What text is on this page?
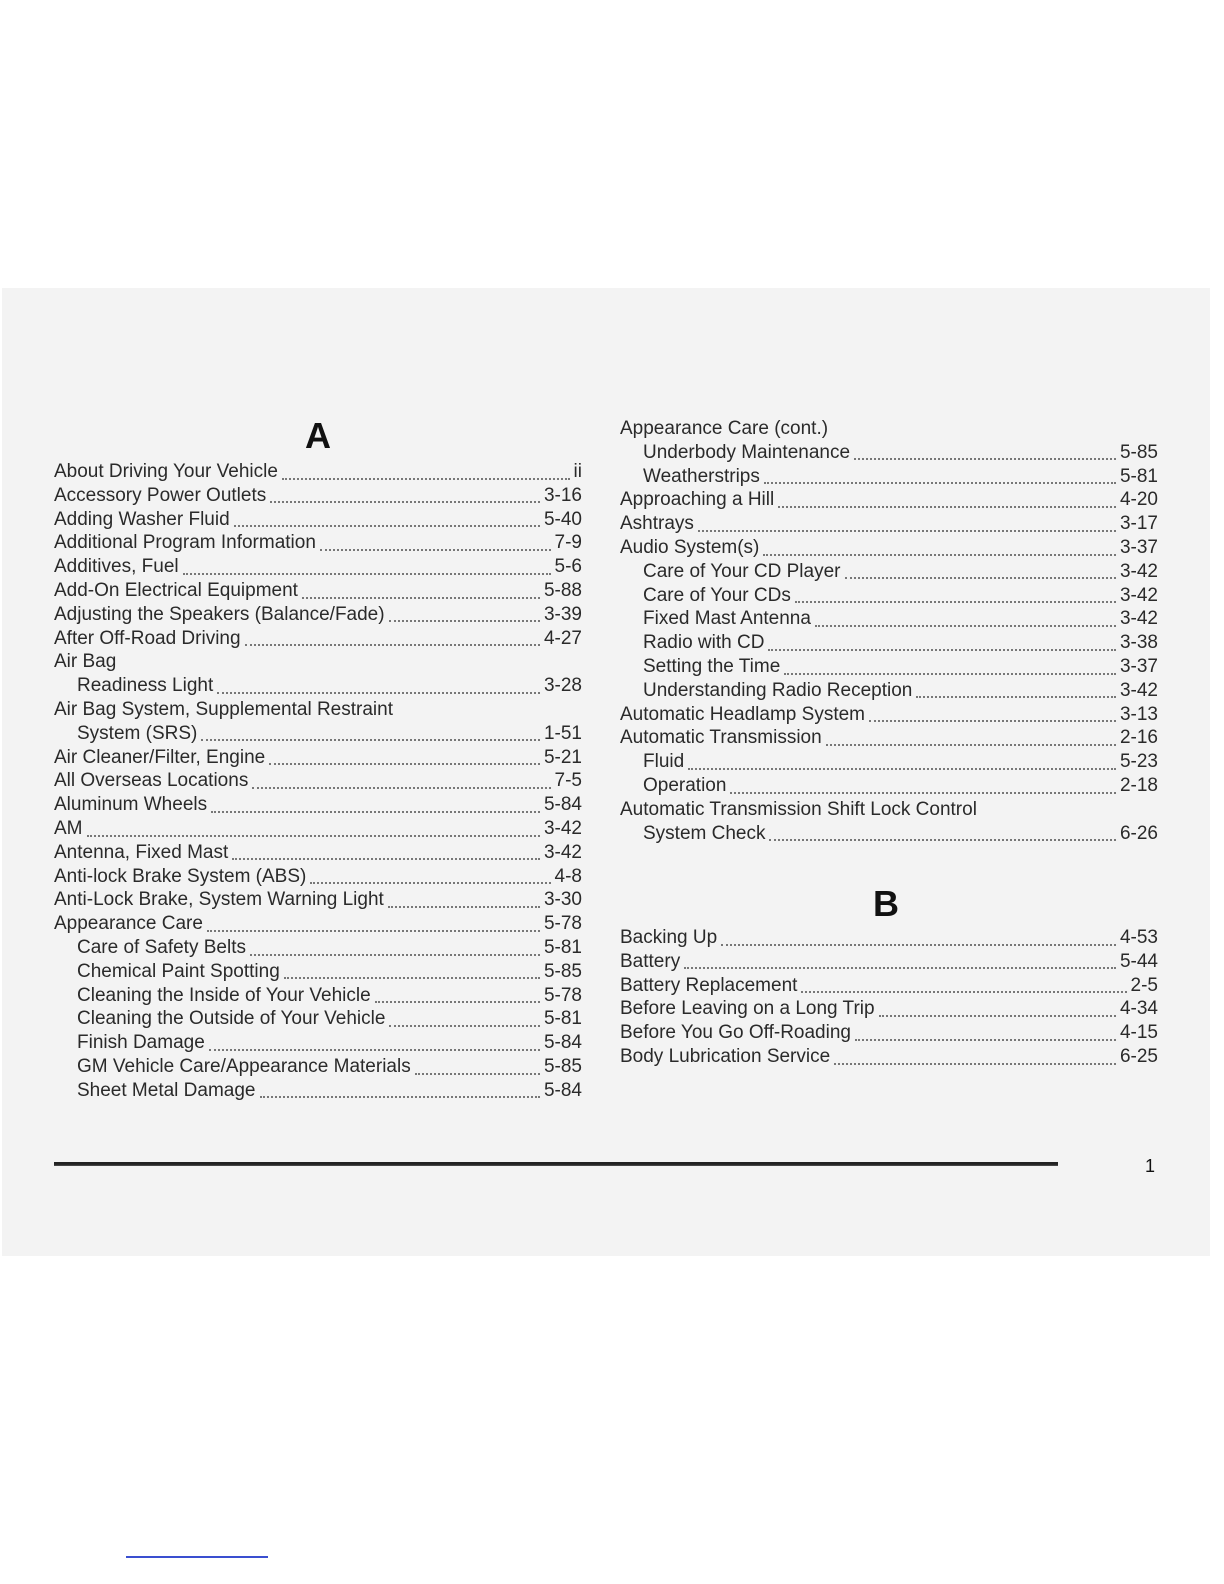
A
About Driving Your Vehicle	ii
Accessory Power Outlets	3-16
Adding Washer Fluid	5-40
Additional Program Information	7-9
Additives, Fuel	5-6
Add-On Electrical Equipment	5-88
Adjusting the Speakers (Balance/Fade)	3-39
After Off-Road Driving	4-27
Air Bag
Readiness Light	3-28
Air Bag System, Supplemental Restraint
System (SRS)	1-51
Air Cleaner/Filter, Engine	5-21
All Overseas Locations	7-5
Aluminum Wheels	5-84
AM	3-42
Antenna, Fixed Mast	3-42
Anti-lock Brake System (ABS)	4-8
Anti-Lock Brake, System Warning Light	3-30
Appearance Care	5-78
Care of Safety Belts	5-81
Chemical Paint Spotting	5-85
Cleaning the Inside of Your Vehicle	5-78
Cleaning the Outside of Your Vehicle	5-81
Finish Damage	5-84
GM Vehicle Care/Appearance Materials	5-85
Sheet Metal Damage	5-84
Appearance Care (cont.)
Underbody Maintenance	5-85
Weatherstrips	5-81
Approaching a Hill	4-20
Ashtrays	3-17
Audio System(s)	3-37
Care of Your CD Player	3-42
Care of Your CDs	3-42
Fixed Mast Antenna	3-42
Radio with CD	3-38
Setting the Time	3-37
Understanding Radio Reception	3-42
Automatic Headlamp System	3-13
Automatic Transmission	2-16
Fluid	5-23
Operation	2-18
Automatic Transmission Shift Lock Control
System Check	6-26
B
Backing Up	4-53
Battery	5-44
Battery Replacement	2-5
Before Leaving on a Long Trip	4-34
Before You Go Off-Roading	4-15
Body Lubrication Service	6-25
1
